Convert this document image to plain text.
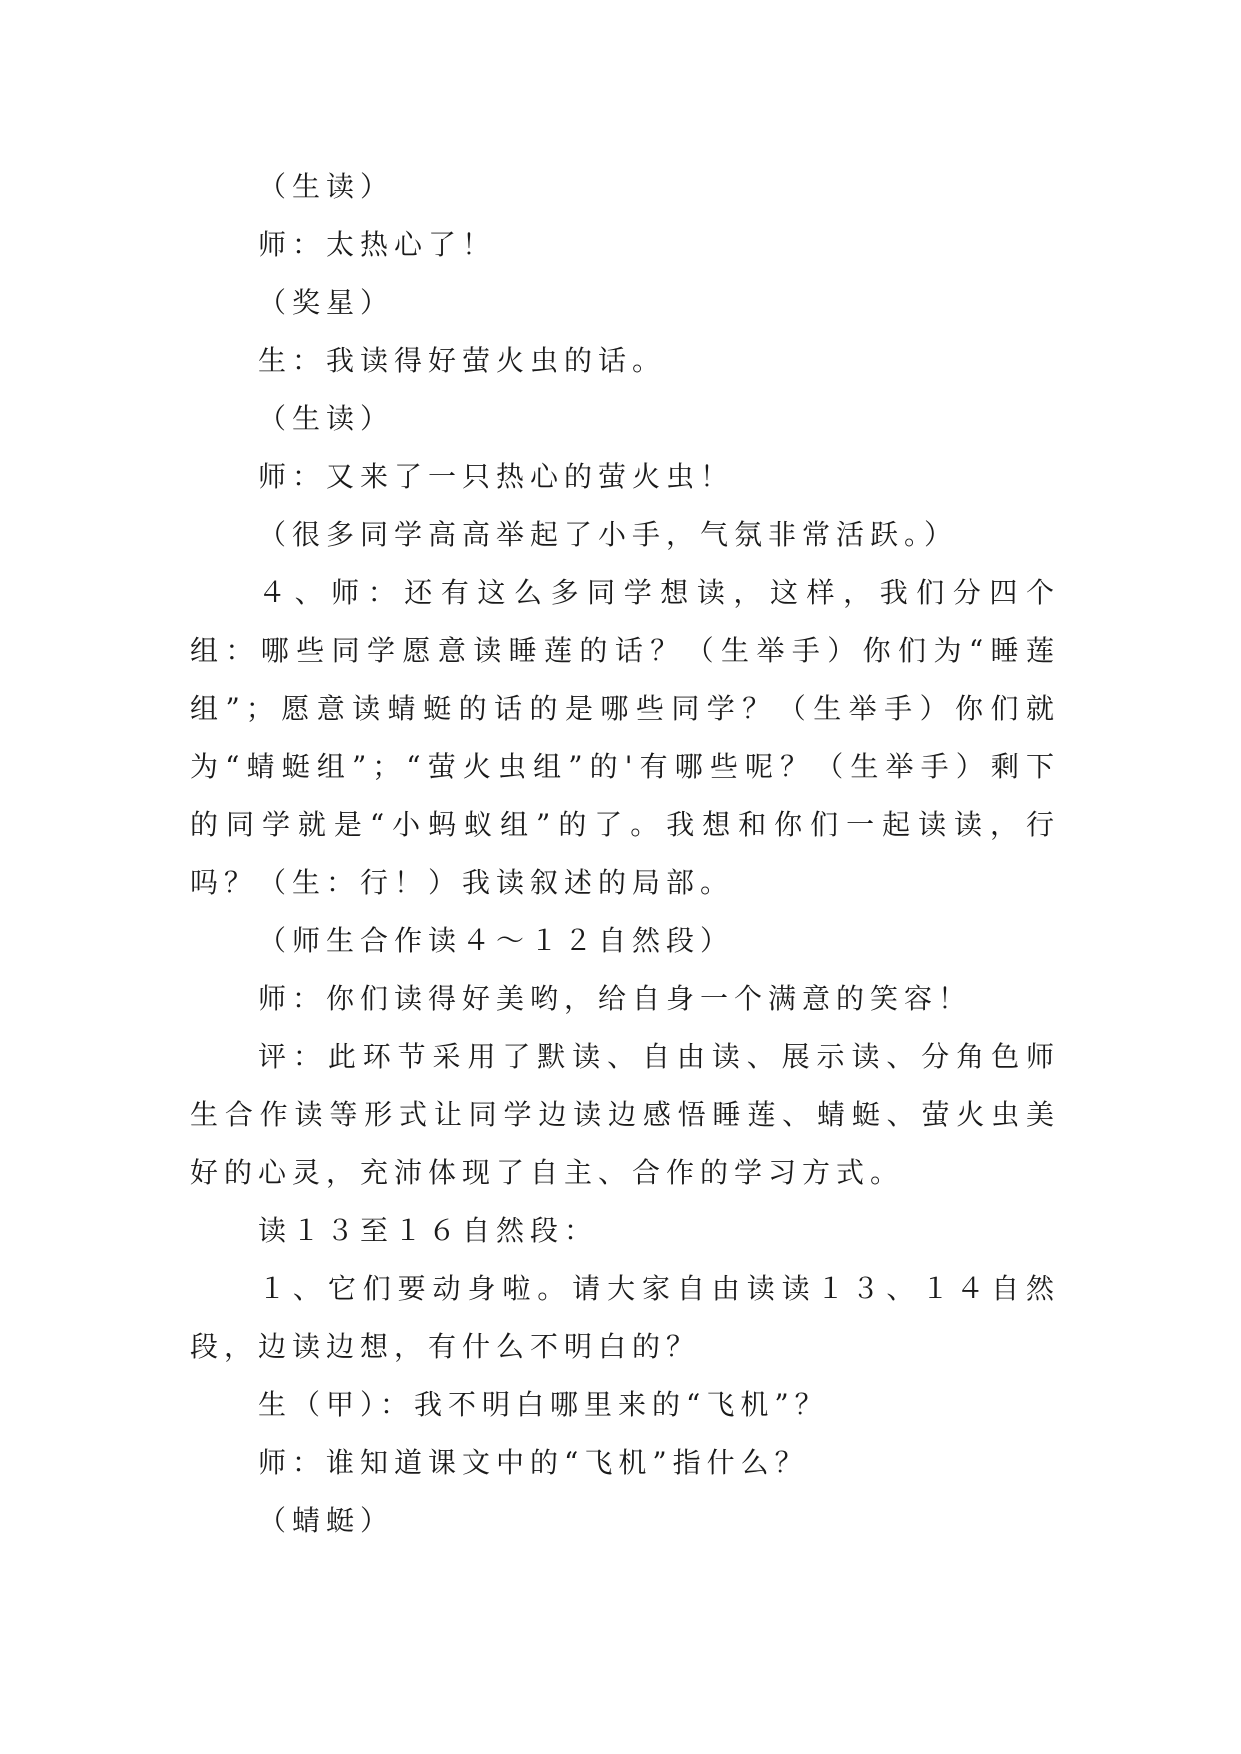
（生读）

师：太热心了！

（奖星）

生：我读得好萤火虫的话。

（生读）

师：又来了一只热心的萤火虫！

（很多同学高高举起了小手，气氛非常活跃。）

４、师：还有这么多同学想读，这样，我们分四个组：哪些同学愿意读睡莲的话？（生举手）你们为“睡莲组”；愿意读蜻蜓的话的是哪些同学？（生举手）你们就为“蜻蜓组”；“萤火虫组”的'有哪些呢？（生举手）剩下的同学就是“小蚂蚁组”的了。我想和你们一起读读，行吗？（生：行！）我读叙述的局部。

（师生合作读４～１２自然段）

师：你们读得好美哟，给自身一个满意的笑容！

评：此环节采用了默读、自由读、展示读、分角色师生合作读等形式让同学边读边感悟睡莲、蜻蜓、萤火虫美好的心灵，充沛体现了自主、合作的学习方式。

读１３至１６自然段：

１、它们要动身啦。请大家自由读读１３、１４自然段，边读边想，有什么不明白的？

生（甲）：我不明白哪里来的“飞机”？

师：谁知道课文中的“飞机”指什么？

（蜻蜓）
